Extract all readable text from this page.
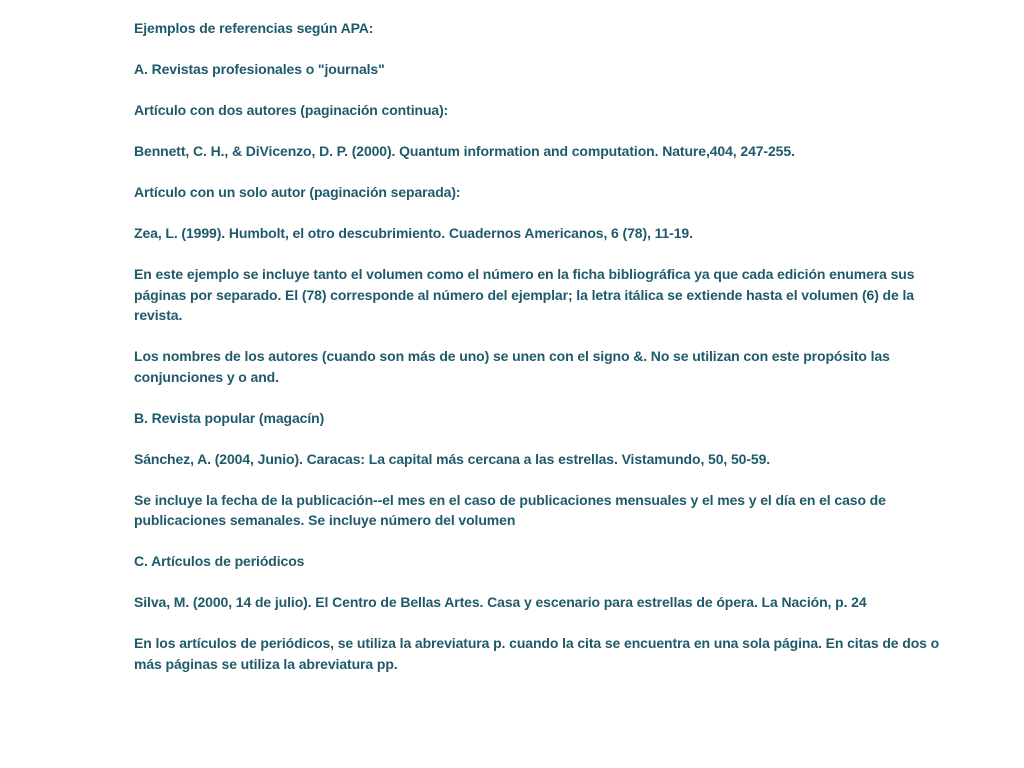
Ejemplos de referencias según APA:

A. Revistas profesionales o "journals"

Artículo con dos autores (paginación continua):

Bennett, C. H., & DiVicenzo, D. P. (2000). Quantum information and computation. Nature,404, 247-255.

Artículo con un solo autor (paginación separada):

Zea, L. (1999). Humbolt, el otro descubrimiento. Cuadernos Americanos, 6 (78), 11-19.

En este ejemplo se incluye tanto el volumen como el número en la ficha bibliográfica ya que cada edición enumera sus páginas por separado. El (78) corresponde al número del ejemplar; la letra itálica se extiende hasta el volumen (6) de la revista.

Los nombres de los autores (cuando son más de uno) se unen con el signo &. No se utilizan con este propósito las conjunciones y o and.

B. Revista popular (magacín)

Sánchez, A. (2004, Junio). Caracas: La capital más cercana a las estrellas. Vistamundo, 50, 50-59.

Se incluye la fecha de la publicación--el mes en el caso de publicaciones mensuales y el mes y el día en el caso de publicaciones semanales. Se incluye número del volumen

C. Artículos de periódicos

Silva, M. (2000, 14 de julio). El Centro de Bellas Artes. Casa y escenario para estrellas de ópera. La Nación, p. 24

En los artículos de periódicos, se utiliza la abreviatura p. cuando la cita se encuentra en una sola página. En citas de dos o más páginas se utiliza la abreviatura pp.
